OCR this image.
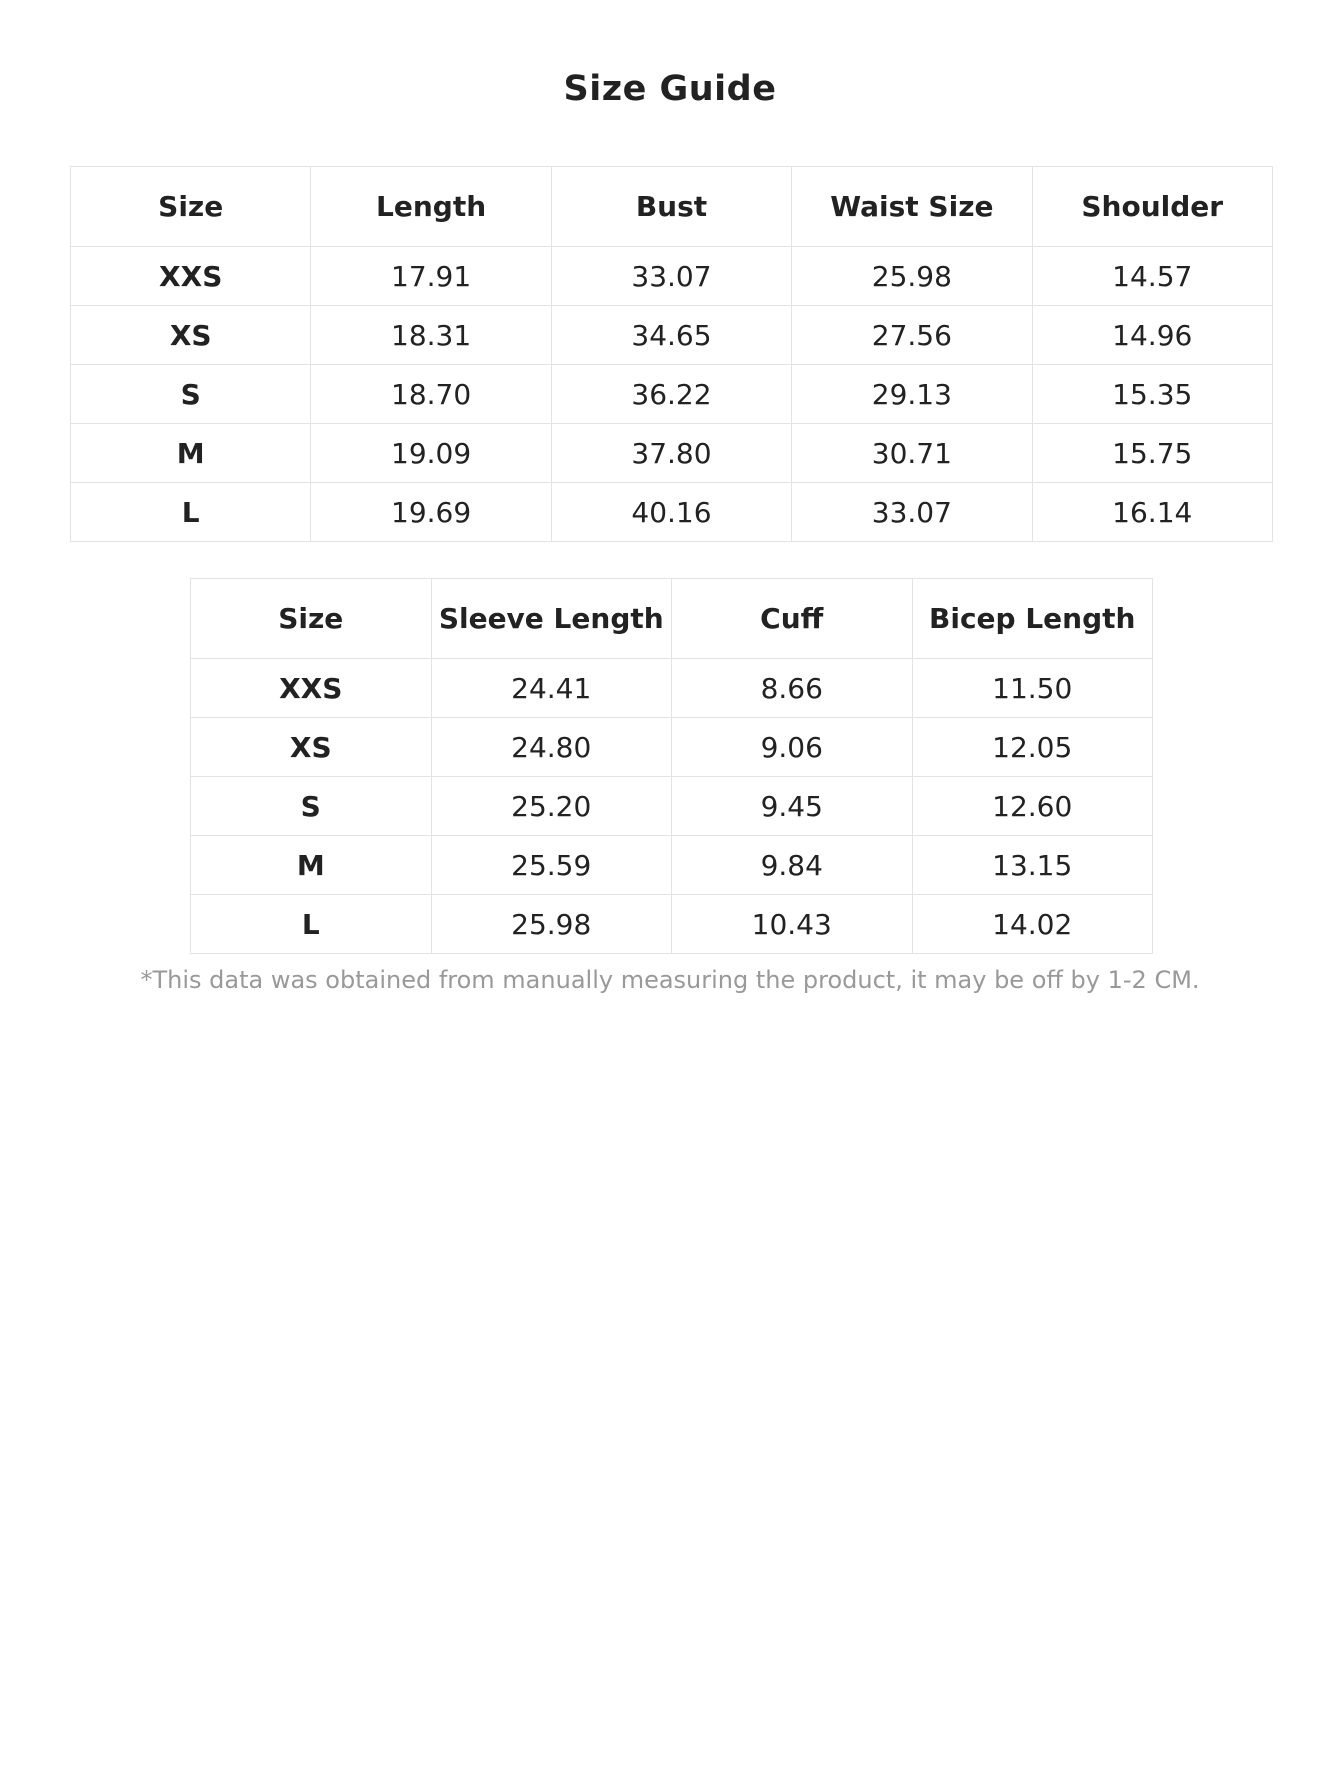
Size Guide
Size	Length	Bust	Waist Size	Shoulder
XXS	17.91	33.07	25.98	14.57
XS	18.31	34.65	27.56	14.96
S	18.70	36.22	29.13	15.35
M	19.09	37.80	30.71	15.75
L	19.69	40.16	33.07	16.14
Size	Sleeve Length	Cuff	Bicep Length
XXS	24.41	8.66	11.50
XS	24.80	9.06	12.05
S	25.20	9.45	12.60
M	25.59	9.84	13.15
L	25.98	10.43	14.02

*This data was obtained from manually measuring the product, it may be off by 1-2 CM.
